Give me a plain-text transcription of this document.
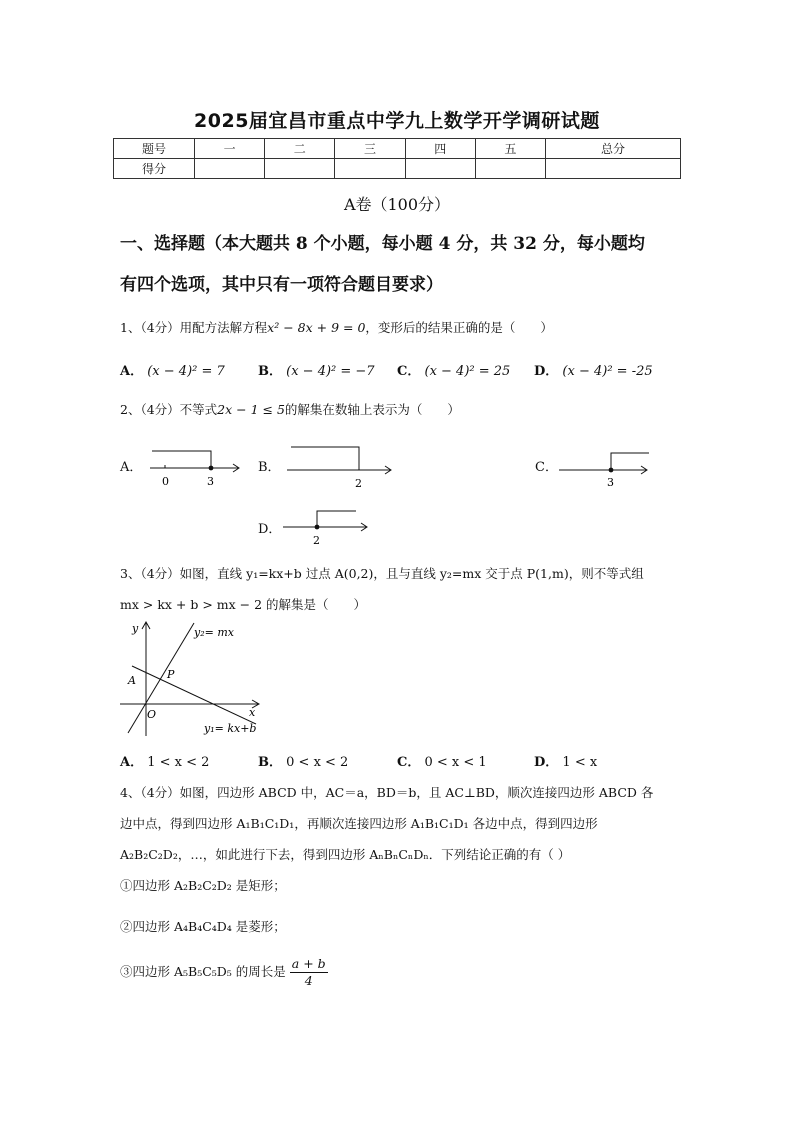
2025届宜昌市重点中学九上数学开学调研试题
题号	一	二	三	四	五	总分
得分						
A卷（100分）
一、选择题（本大题共 8 个小题，每小题 4 分，共 32 分，每小题均
有四个选项，其中只有一项符合题目要求）
1、（4分）用配方法解方程x² − 8x + 9 = 0，变形后的结果正确的是（　　）
A． (x − 4)² = 7	B． (x − 4)² = −7 C． (x − 4)² = 25 D． (x − 4)² = -25
2、（4分）不等式2x − 1 ≤ 5的解集在数轴上表示为（　　）
A．
0	3
B．
2
C．
3
D．
2
3、（4分）如图，直线 y₁=kx+b 过点 A(0,2)，且与直线 y₂=mx 交于点 P(1,m)，则不等式组
mx > kx + b > mx − 2 的解集是（　　）
y
x
O
A	P
y₂= mx
y₁= kx+b
A． 1 < x < 2	B． 0 < x < 2	C． 0 < x < 1	D． 1 < x
4、（4分）如图，四边形 ABCD 中，AC＝a，BD＝b，且 AC⊥BD，顺次连接四边形 ABCD 各
边中点，得到四边形 A₁B₁C₁D₁，再顺次连接四边形 A₁B₁C₁D₁ 各边中点，得到四边形
A₂B₂C₂D₂，…，如此进行下去，得到四边形 AₙBₙCₙDₙ．下列结论正确的有（ ）
①四边形 A₂B₂C₂D₂ 是矩形；
②四边形 A₄B₄C₄D₄ 是菱形；
③四边形 A₅B₅C₅D₅ 的周长是 $\frac{a + b}{4}$
